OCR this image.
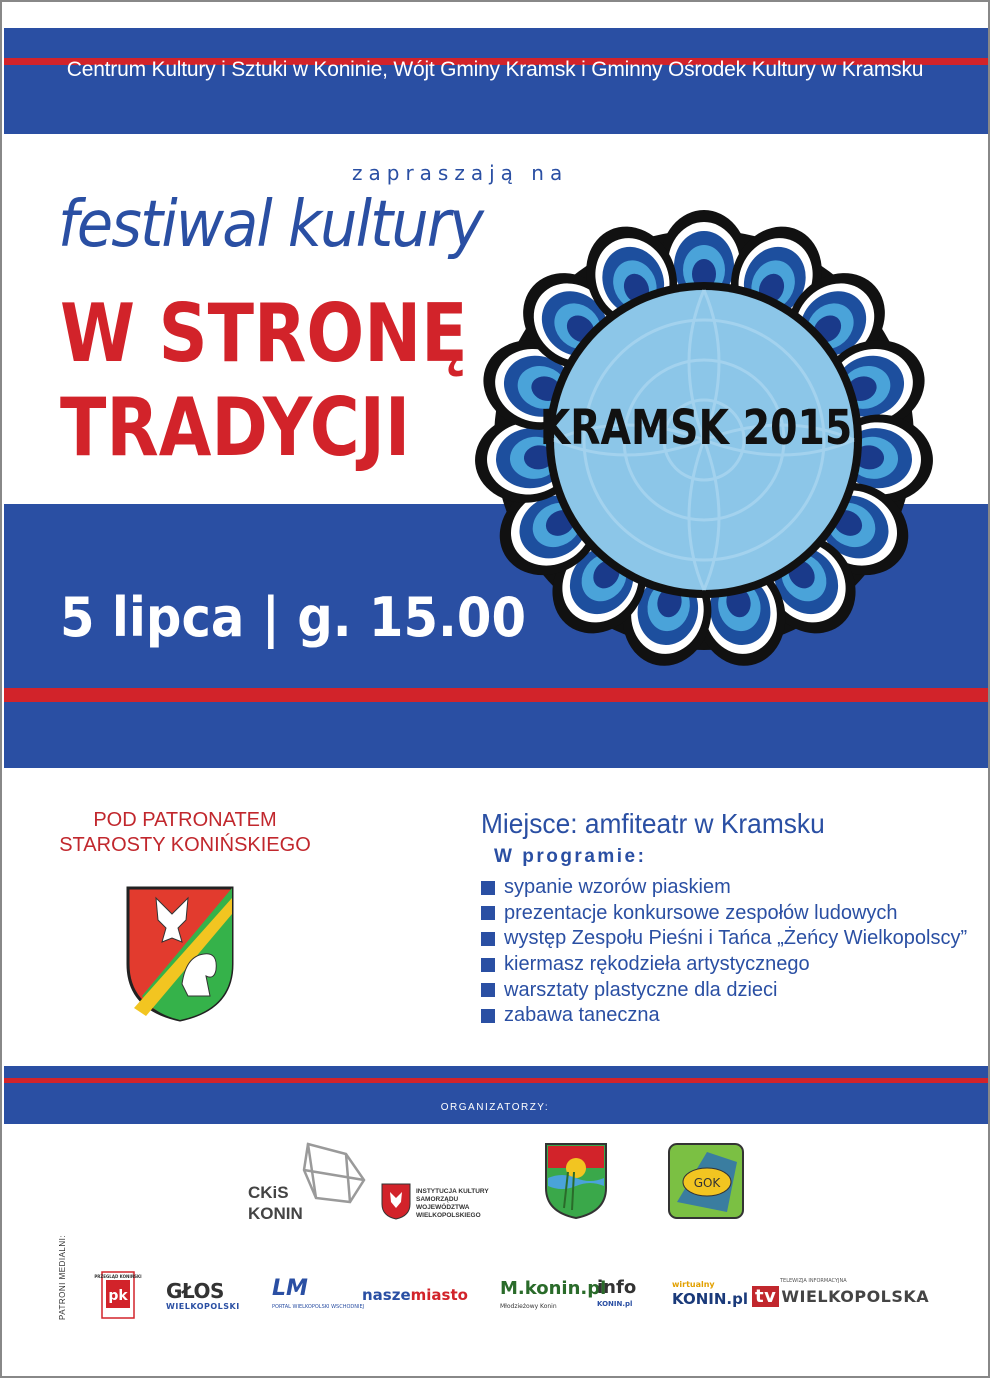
Centrum Kultury i Sztuki w Koninie, Wójt Gminy Kramsk i Gminny Ośrodek Kultury w Kramsku
zapraszają na
festiwal kultury
W STRONĘ
TRADYCJI
5 lipca | g. 15.00
KRAMSK 2015
POD PATRONATEM
STAROSTY KONIŃSKIEGO
Miejsce: amfiteatr w Kramsku
W programie:
sypanie wzorów piaskiem
prezentacje konkursowe zespołów ludowych
występ Zespołu Pieśni i Tańca „Żeńcy Wielkopolscy”
kiermasz rękodzieła artystycznego
warsztaty plastyczne dla dzieci
zabawa taneczna
ORGANIZATORZY:
CKiS
KONIN
INSTYTUCJA KULTURY SAMORZĄDU WOJEWÓDZTWA WIELKOPOLSKIEGO
GOK
PATRONI MEDIALNI:	pk
PRZEGLĄD KONIŃSKI
GŁOS
WIELKOPOLSKI
LM
PORTAL WIELKOPOLSKI WSCHODNIEJ
naszemiasto M.konin.pl
Młodzieżowy Konin
info
KONIN.pl
wirtualny
KONIN.pl
TELEWIZJA INFORMACYJNA
tv WIELKOPOLSKA
